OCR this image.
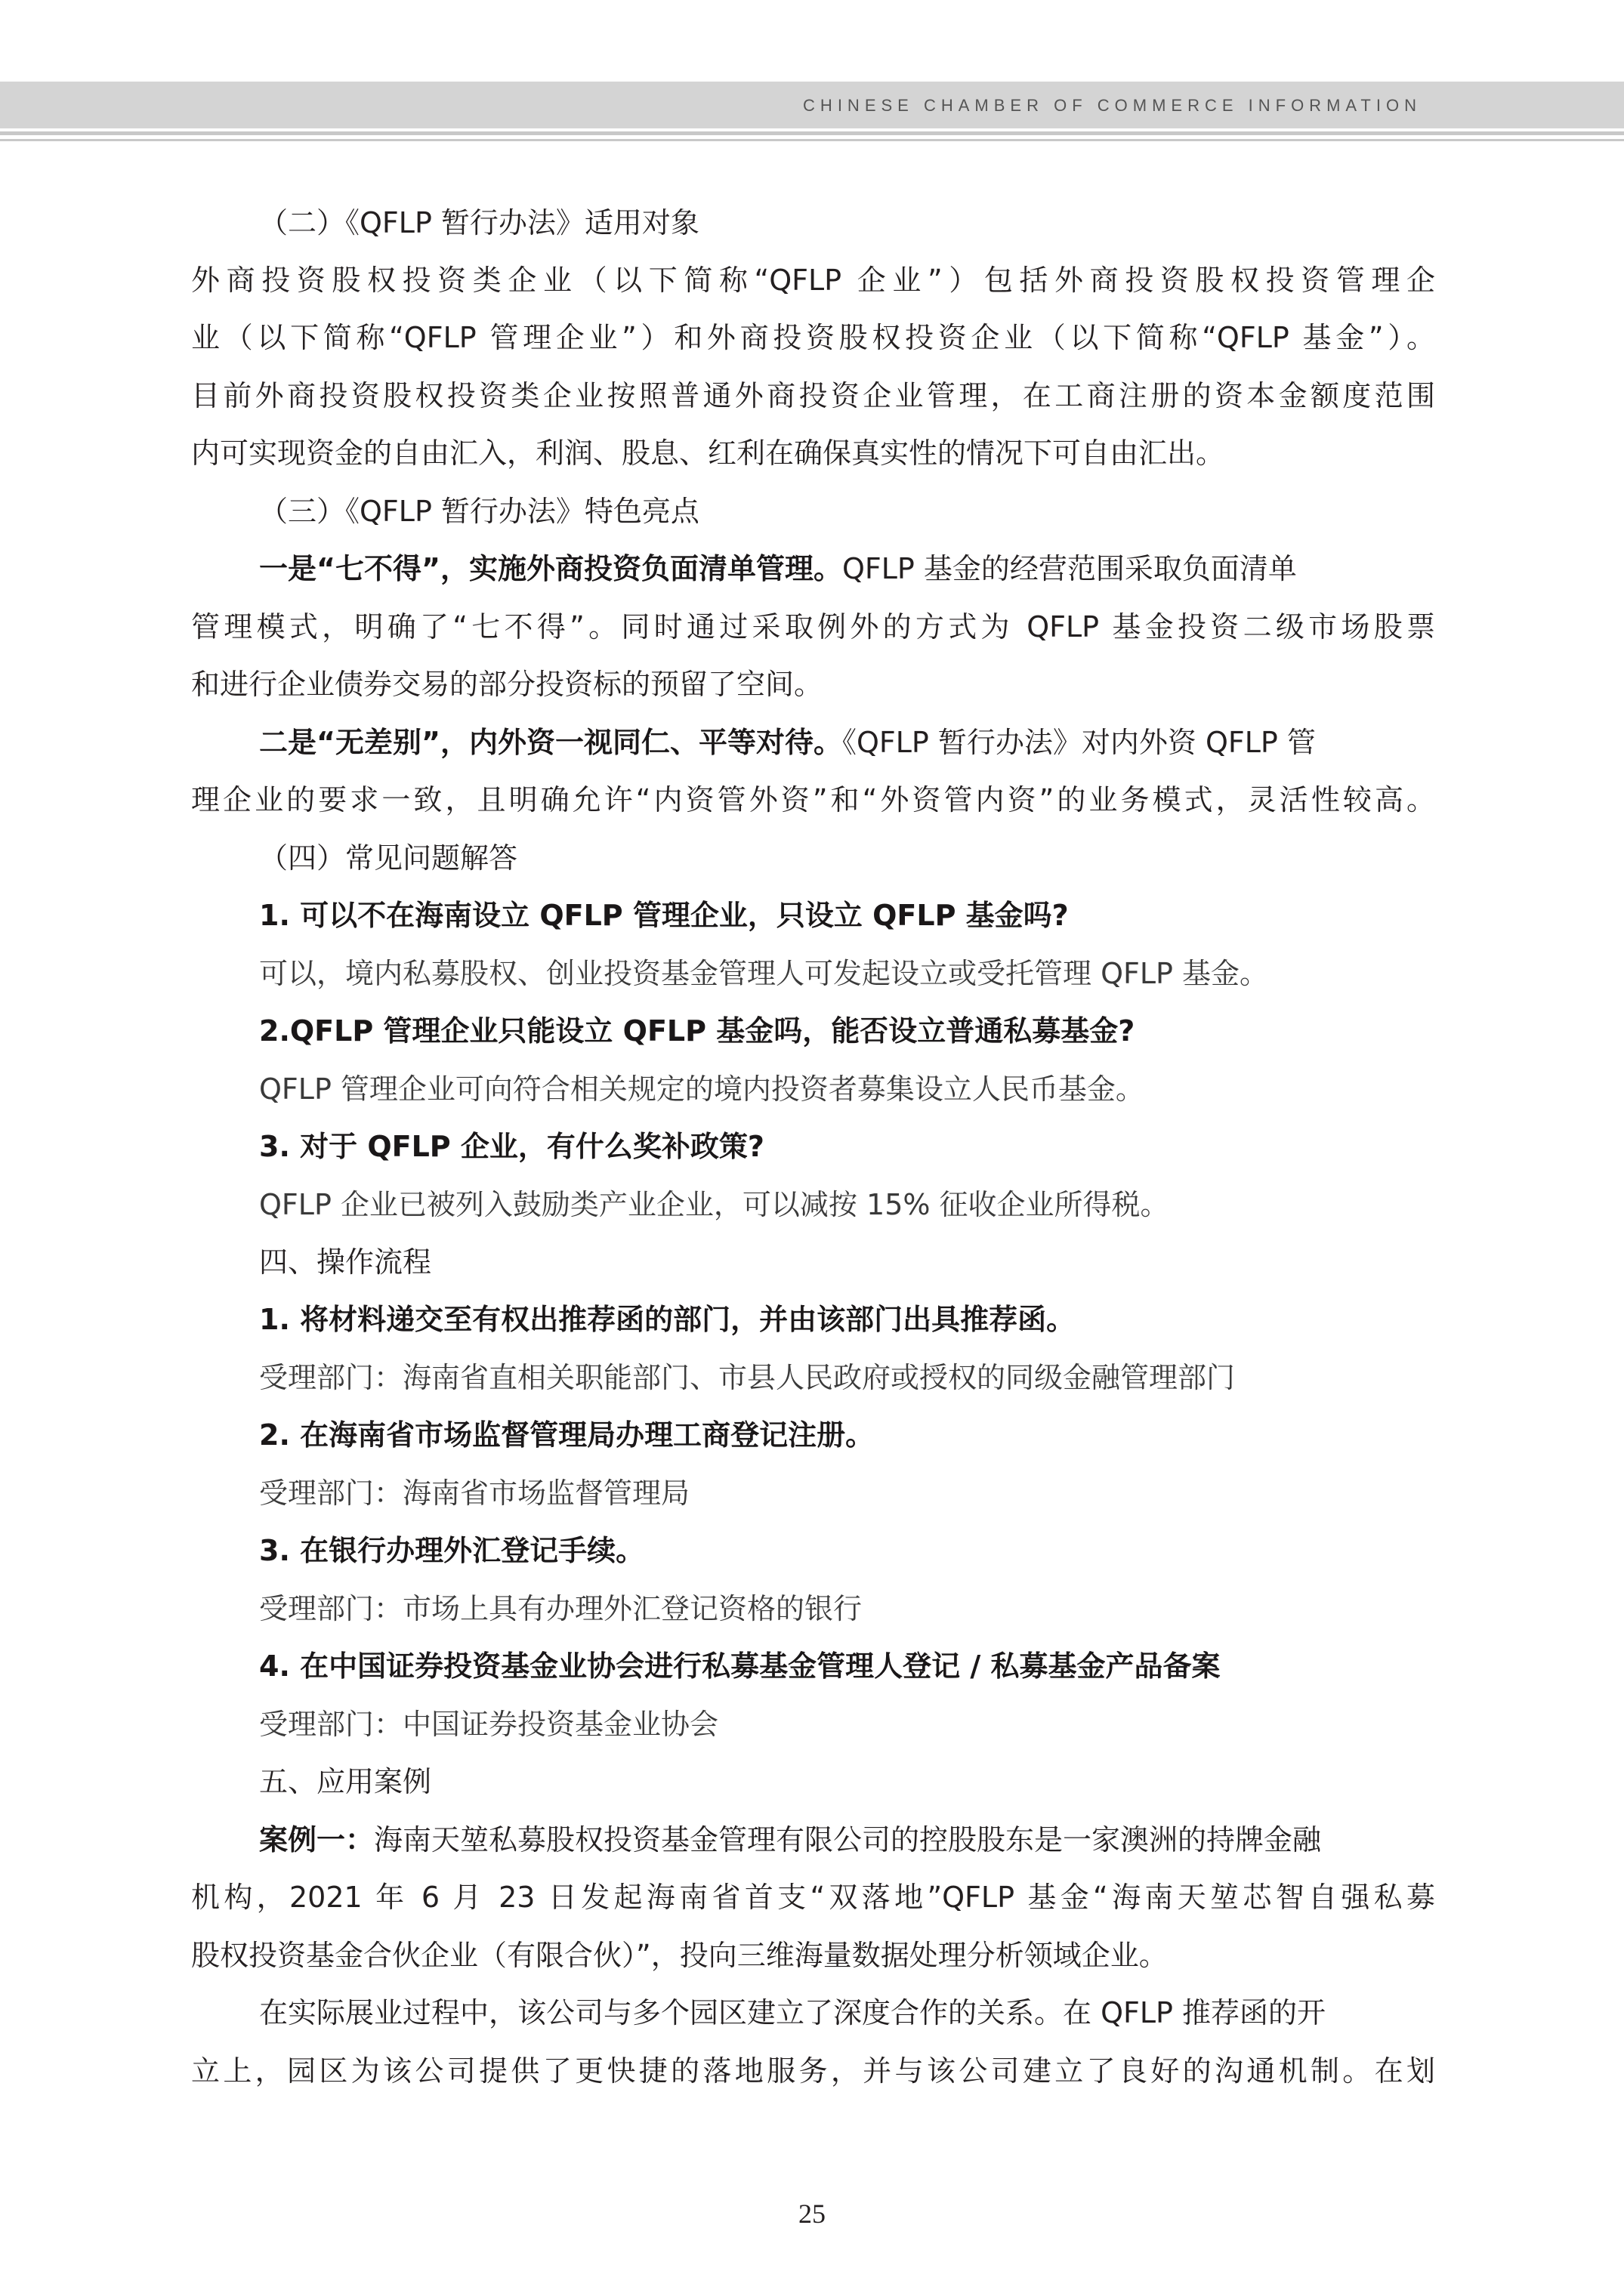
CHINESE CHAMBER OF COMMERCE INFORMATION
（二）《QFLP 暂行办法》适用对象
外商投资股权投资类企业（以下简称“QFLP 企业”）包括外商投资股权投资管理企
业（以下简称“QFLP 管理企业”）和外商投资股权投资企业（以下简称“QFLP 基金”）。
目前外商投资股权投资类企业按照普通外商投资企业管理，在工商注册的资本金额度范围
内可实现资金的自由汇入，利润、股息、红利在确保真实性的情况下可自由汇出。
（三）《QFLP 暂行办法》特色亮点
一是“七不得”，实施外商投资负面清单管理。QFLP 基金的经营范围采取负面清单
管理模式，明确了“七不得”。同时通过采取例外的方式为 QFLP 基金投资二级市场股票
和进行企业债券交易的部分投资标的预留了空间。
二是“无差别”，内外资一视同仁、平等对待。《QFLP 暂行办法》对内外资 QFLP 管
理企业的要求一致，且明确允许“内资管外资”和“外资管内资”的业务模式，灵活性较高。
（四）常见问题解答
1. 可以不在海南设立 QFLP 管理企业，只设立 QFLP 基金吗?
可以，境内私募股权、创业投资基金管理人可发起设立或受托管理 QFLP 基金。
2.QFLP 管理企业只能设立 QFLP 基金吗，能否设立普通私募基金?
QFLP 管理企业可向符合相关规定的境内投资者募集设立人民币基金。
3. 对于 QFLP 企业，有什么奖补政策?
QFLP 企业已被列入鼓励类产业企业，可以减按 15% 征收企业所得税。
四、操作流程
1. 将材料递交至有权出推荐函的部门，并由该部门出具推荐函。
受理部门：海南省直相关职能部门、市县人民政府或授权的同级金融管理部门
2. 在海南省市场监督管理局办理工商登记注册。
受理部门：海南省市场监督管理局
3. 在银行办理外汇登记手续。
受理部门：市场上具有办理外汇登记资格的银行
4. 在中国证券投资基金业协会进行私募基金管理人登记 / 私募基金产品备案
受理部门：中国证券投资基金业协会
五、应用案例
案例一：海南天堃私募股权投资基金管理有限公司的控股股东是一家澳洲的持牌金融
机构，2021 年 6 月 23 日发起海南省首支“双落地”QFLP 基金“海南天堃芯智自强私募
股权投资基金合伙企业（有限合伙）”，投向三维海量数据处理分析领域企业。
在实际展业过程中，该公司与多个园区建立了深度合作的关系。在 QFLP 推荐函的开
立上，园区为该公司提供了更快捷的落地服务，并与该公司建立了良好的沟通机制。在划
25
